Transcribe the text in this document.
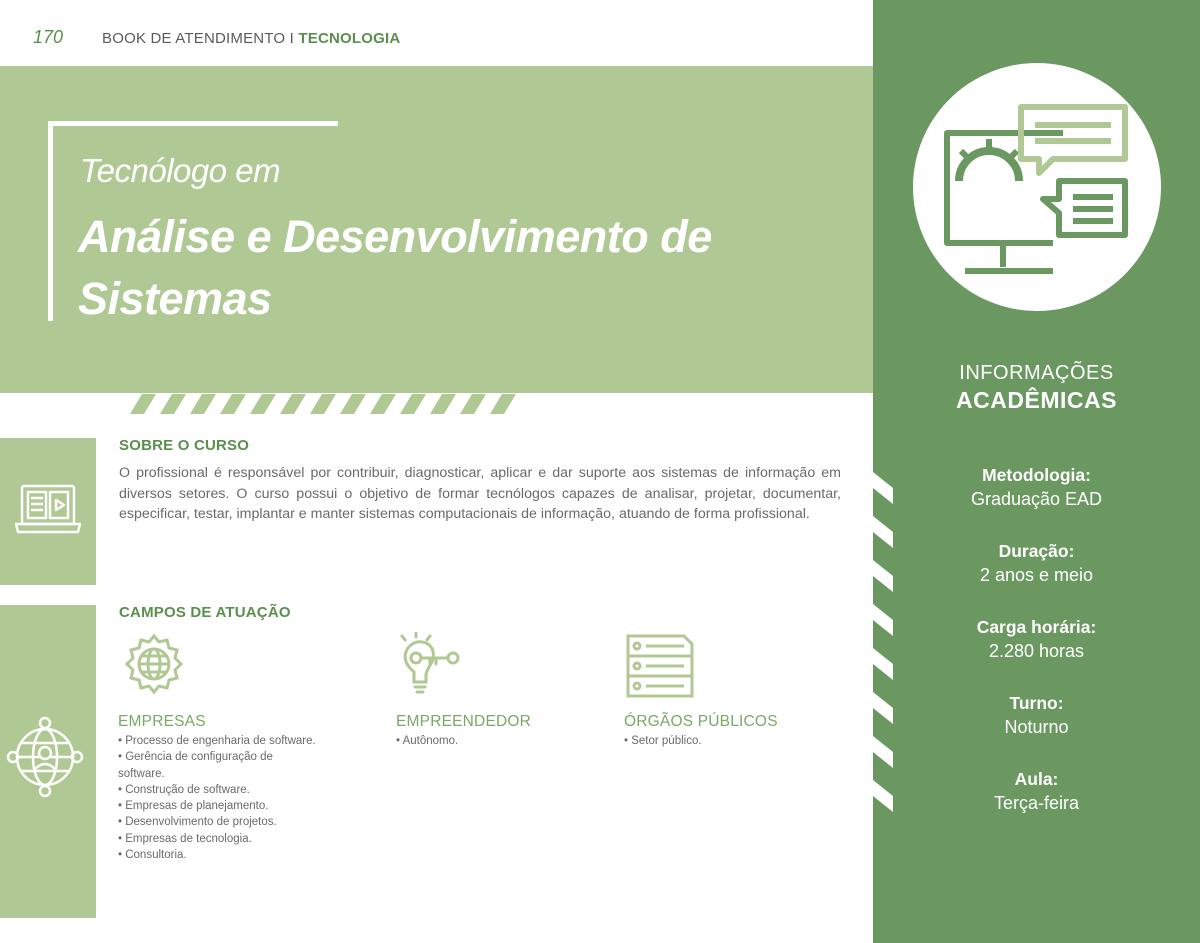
170	BOOK DE ATENDIMENTO I TECNOLOGIA
Tecnólogo em
Análise e Desenvolvimento de Sistemas
SOBRE O CURSO

O profissional é responsável por contribuir, diagnosticar, aplicar e dar suporte aos sistemas de informação em diversos setores. O curso possui o objetivo de formar tecnólogos capazes de analisar, projetar, documentar, especificar, testar, implantar e manter sistemas computacionais de informação, atuando de forma profissional.

CAMPOS DE ATUAÇÃO
EMPRESAS
• Processo de engenharia de software.
• Gerência de configuração de software.
• Construção de software.
• Empresas de planejamento.
• Desenvolvimento de projetos.
• Empresas de tecnologia.
• Consultoria.
EMPREENDEDOR
• Autônomo.
ÓRGÃOS PÚBLICOS
• Setor público.
INFORMAÇÕES
ACADÊMICAS
Metodologia:
Graduação EAD
Duração:
2 anos e meio
Carga horária:
2.280 horas
Turno:
Noturno
Aula:
Terça-feira
